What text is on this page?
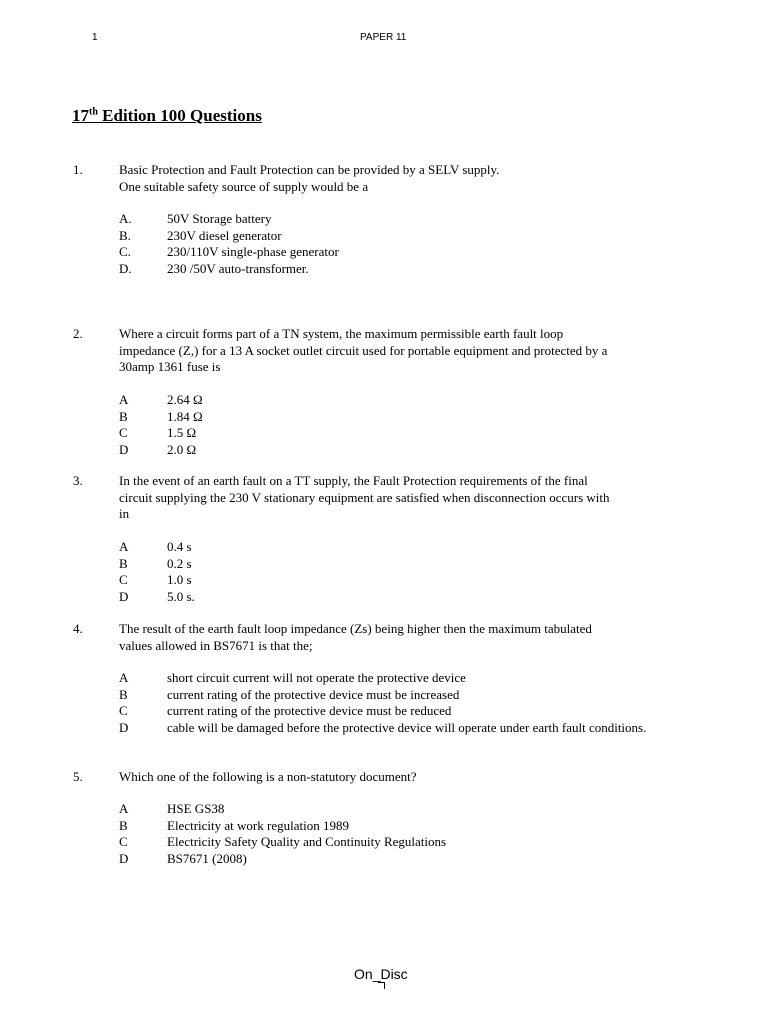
1	PAPER 11
17th Edition 100 Questions
1.	Basic Protection and Fault Protection can be provided by a SELV supply.
One suitable safety source of supply would be a
A.	50V Storage battery
B.	230V diesel generator
C.	230/110V single-phase generator
D.	230 /50V auto-transformer.
2.	Where a circuit forms part of a TN system, the maximum permissible earth fault loop
impedance (Z,) for a 13 A socket outlet circuit used for portable equipment and protected by a
30amp 1361 fuse is
A	2.64 Ω
B	1.84 Ω
C	1.5 Ω
D	2.0 Ω
3.	In the event of an earth fault on a TT supply, the Fault Protection requirements of the final
circuit supplying the 230 V stationary equipment are satisfied when disconnection occurs with
in
A	0.4 s
B	0.2 s
C	1.0 s
D	5.0 s.
4.	The result of the earth fault loop impedance (Zs) being higher then the maximum tabulated
values allowed in BS7671 is that the;
A	short circuit current will not operate the protective device
B	current rating of the protective device must be increased
C	current rating of the protective device must be reduced
D	cable will be damaged before the protective device will operate under earth fault conditions.
5.	Which one of the following is a non-statutory document?
A	HSE GS38
B	Electricity at work regulation 1989
C	Electricity Safety Quality and Continuity Regulations
D	BS7671 (2008)
On_Disc
